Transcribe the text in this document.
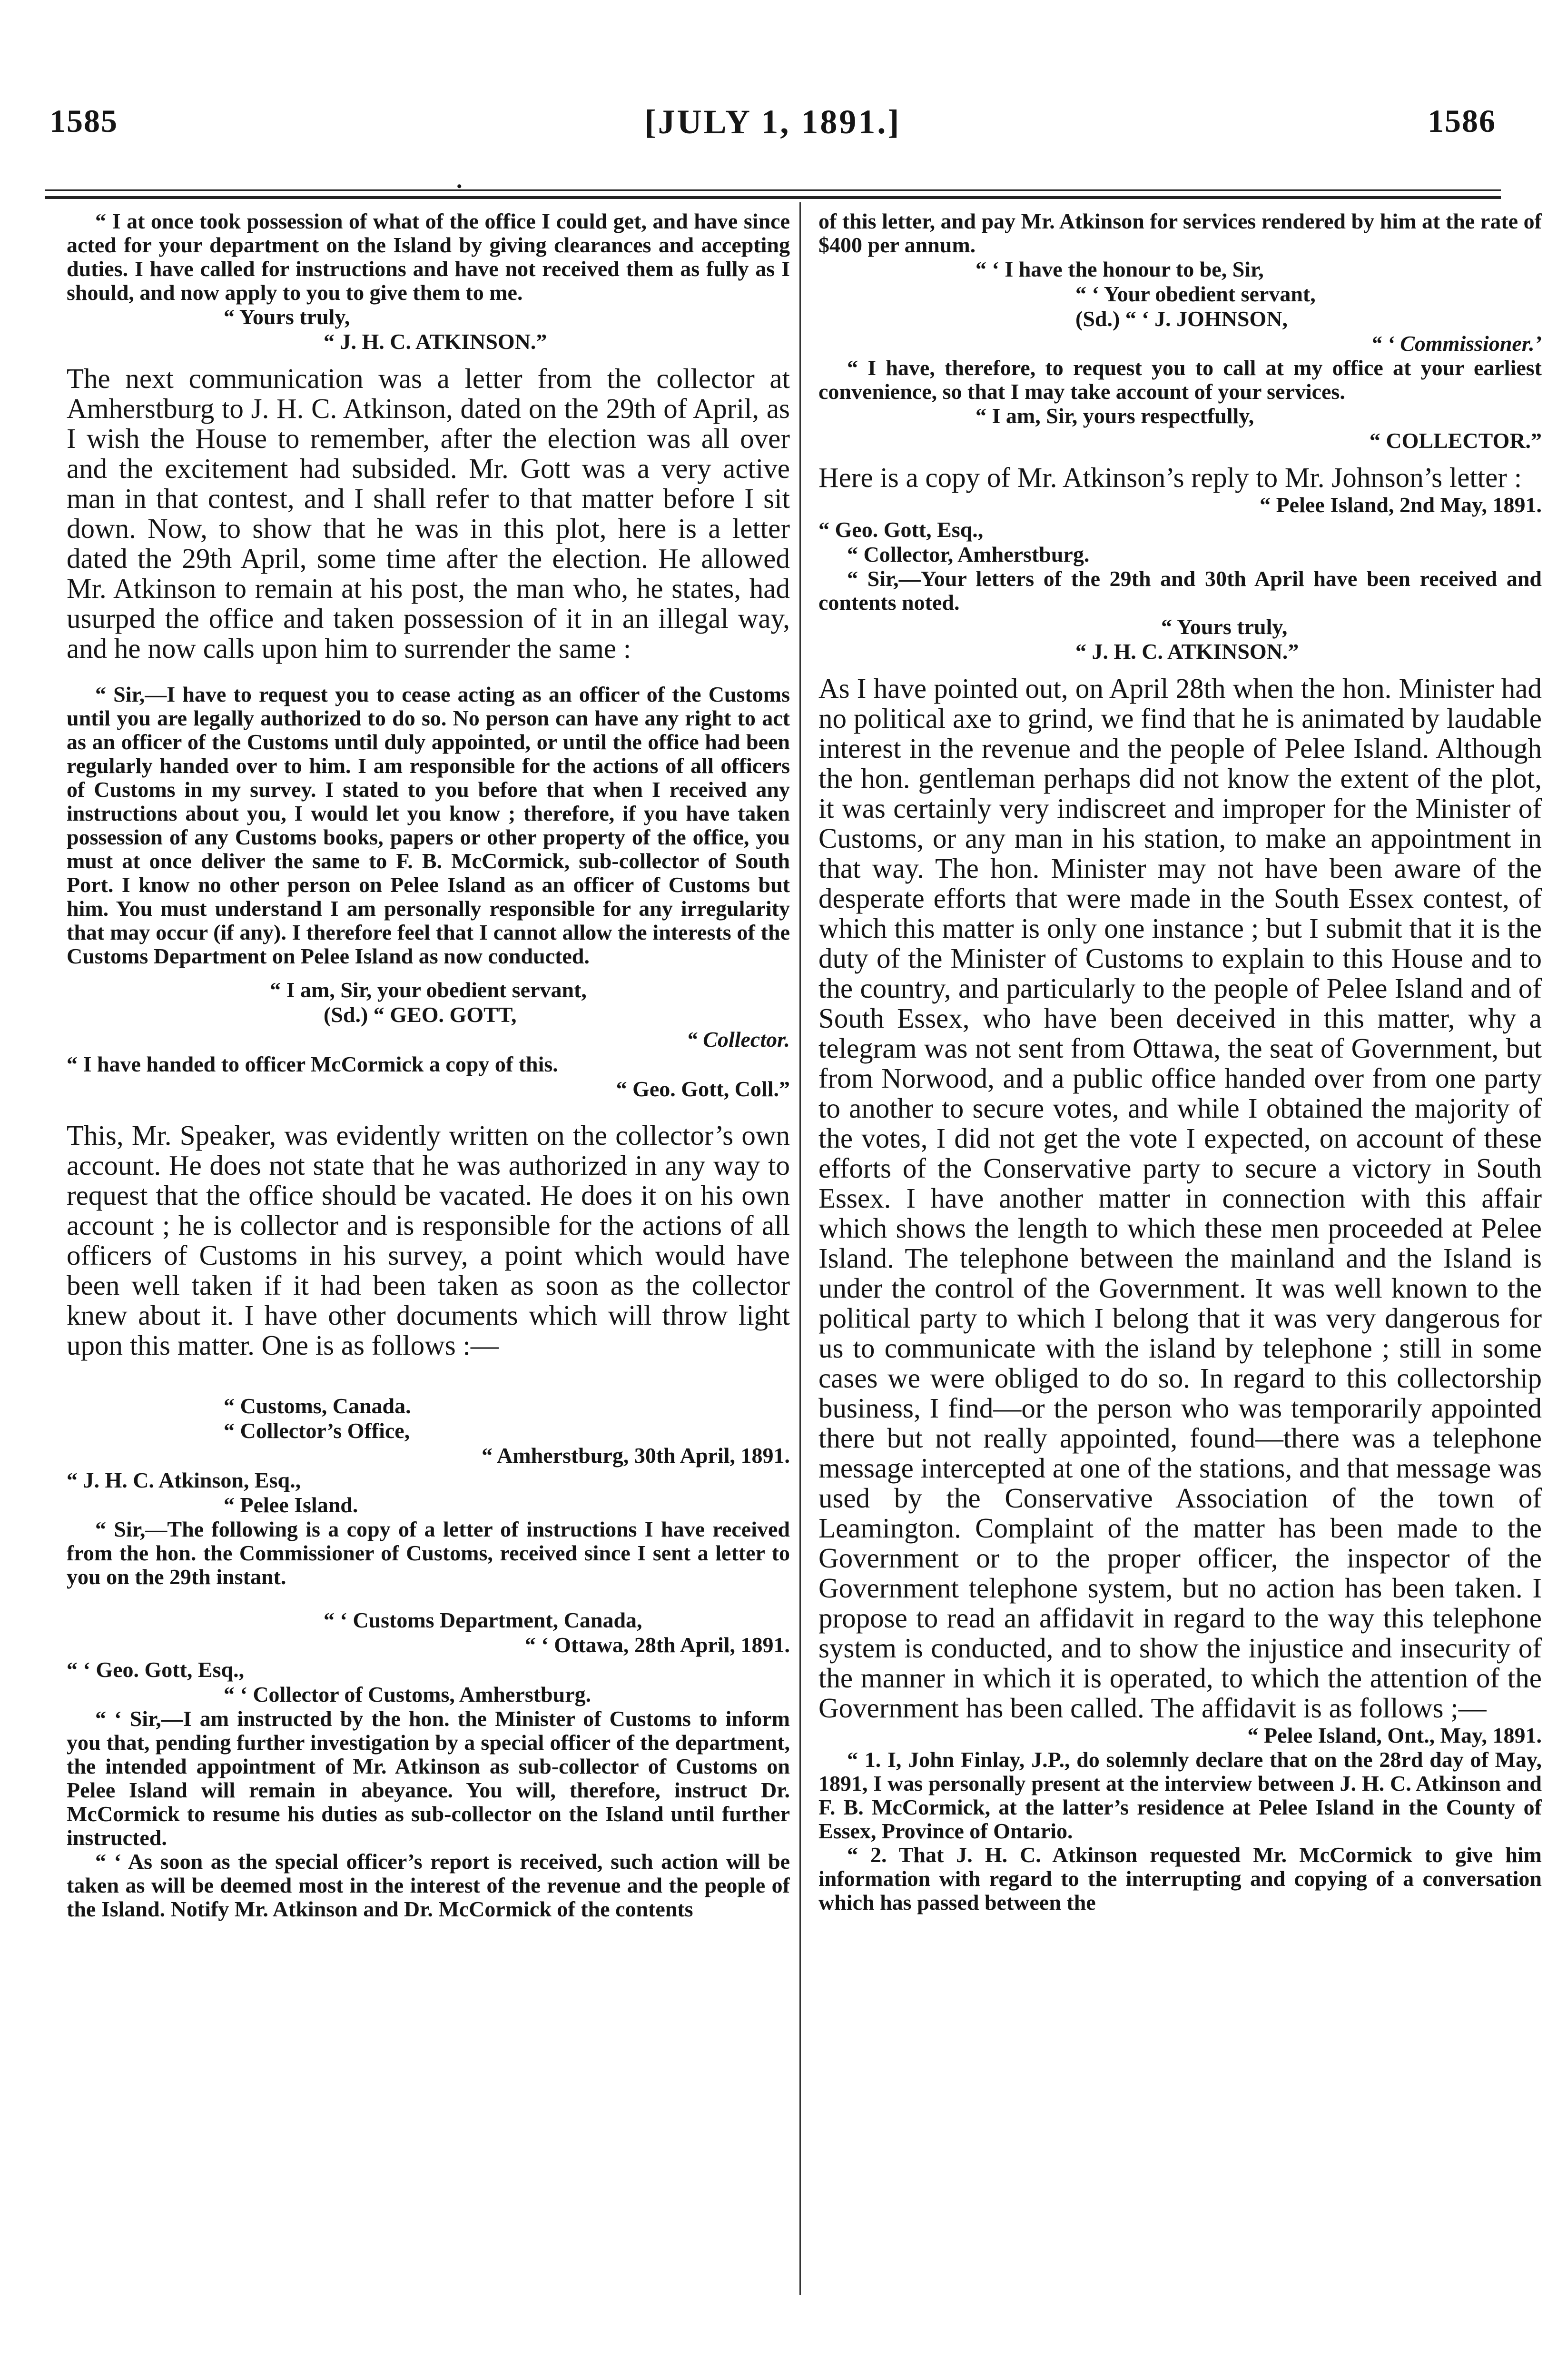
1585	[JULY 1, 1891.]	1586

“ I at once took possession of what of the office I could get, and have since acted for your department on the Island by giving clearances and accepting duties. I have called for instructions and have not received them as fully as I should, and now apply to you to give them to me.

“ Yours truly,

“ J. H. C. ATKINSON.”

The next communication was a letter from the collector at Amherstburg to J. H. C. Atkinson, dated on the 29th of April, as I wish the House to remember, after the election was all over and the excitement had subsided. Mr. Gott was a very active man in that contest, and I shall refer to that matter before I sit down. Now, to show that he was in this plot, here is a letter dated the 29th April, some time after the election. He allowed Mr. Atkinson to remain at his post, the man who, he states, had usurped the office and taken possession of it in an illegal way, and he now calls upon him to surrender the same :

“ Sir,—I have to request you to cease acting as an officer of the Customs until you are legally authorized to do so. No person can have any right to act as an officer of the Customs until duly appointed, or until the office had been regularly handed over to him. I am responsible for the actions of all officers of Customs in my survey. I stated to you before that when I received any instructions about you, I would let you know ; therefore, if you have taken possession of any Customs books, papers or other property of the office, you must at once deliver the same to F. B. McCormick, sub-collector of South Port. I know no other person on Pelee Island as an officer of Customs but him. You must understand I am personally responsible for any irregularity that may occur (if any). I therefore feel that I cannot allow the interests of the Customs Department on Pelee Island as now conducted.

“ I am, Sir, your obedient servant,

(Sd.) “ GEO. GOTT,

“ Collector.

“ I have handed to officer McCormick a copy of this.

“ Geo. Gott, Coll.”

This, Mr. Speaker, was evidently written on the collector’s own account. He does not state that he was authorized in any way to request that the office should be vacated. He does it on his own account ; he is collector and is responsible for the actions of all officers of Customs in his survey, a point which would have been well taken if it had been taken as soon as the collector knew about it. I have other documents which will throw light upon this matter. One is as follows :—

“ Customs, Canada.

“ Collector’s Office,

“ Amherstburg, 30th April, 1891.

“ J. H. C. Atkinson, Esq.,

“ Pelee Island.

“ Sir,—The following is a copy of a letter of instructions I have received from the hon. the Commissioner of Customs, received since I sent a letter to you on the 29th instant.

“ ‘ Customs Department, Canada,

“ ‘ Ottawa, 28th April, 1891.

“ ‘ Geo. Gott, Esq.,

“ ‘ Collector of Customs, Amherstburg.

“ ‘ Sir,—I am instructed by the hon. the Minister of Customs to inform you that, pending further investigation by a special officer of the department, the intended appointment of Mr. Atkinson as sub-collector of Customs on Pelee Island will remain in abeyance. You will, therefore, instruct Dr. McCormick to resume his duties as sub-collector on the Island until further instructed.

“ ‘ As soon as the special officer’s report is received, such action will be taken as will be deemed most in the interest of the revenue and the people of the Island. Notify Mr. Atkinson and Dr. McCormick of the contents

of this letter, and pay Mr. Atkinson for services rendered by him at the rate of $400 per annum.

“ ‘ I have the honour to be, Sir,

“ ‘ Your obedient servant,

(Sd.) “ ‘ J. JOHNSON,

“ ‘ Commissioner.’

“ I have, therefore, to request you to call at my office at your earliest convenience, so that I may take account of your services.

“ I am, Sir, yours respectfully,

“ COLLECTOR.”

Here is a copy of Mr. Atkinson’s reply to Mr. Johnson’s letter :

“ Pelee Island, 2nd May, 1891.

“ Geo. Gott, Esq.,

“ Collector, Amherstburg.

“ Sir,—Your letters of the 29th and 30th April have been received and contents noted.

“ Yours truly,

“ J. H. C. ATKINSON.”

As I have pointed out, on April 28th when the hon. Minister had no political axe to grind, we find that he is animated by laudable interest in the revenue and the people of Pelee Island. Although the hon. gentleman perhaps did not know the extent of the plot, it was certainly very indiscreet and improper for the Minister of Customs, or any man in his station, to make an appointment in that way. The hon. Minister may not have been aware of the desperate efforts that were made in the South Essex contest, of which this matter is only one instance ; but I submit that it is the duty of the Minister of Customs to explain to this House and to the country, and particularly to the people of Pelee Island and of South Essex, who have been deceived in this matter, why a telegram was not sent from Ottawa, the seat of Government, but from Norwood, and a public office handed over from one party to another to secure votes, and while I obtained the majority of the votes, I did not get the vote I expected, on account of these efforts of the Conservative party to secure a victory in South Essex. I have another matter in connection with this affair which shows the length to which these men proceeded at Pelee Island. The telephone between the mainland and the Island is under the control of the Government. It was well known to the political party to which I belong that it was very dangerous for us to communicate with the island by telephone ; still in some cases we were obliged to do so. In regard to this collectorship business, I find—or the person who was temporarily appointed there but not really appointed, found—there was a telephone message intercepted at one of the stations, and that message was used by the Conservative Association of the town of Leamington. Complaint of the matter has been made to the Government or to the proper officer, the inspector of the Government telephone system, but no action has been taken. I propose to read an affidavit in regard to the way this telephone system is conducted, and to show the injustice and insecurity of the manner in which it is operated, to which the attention of the Government has been called. The affidavit is as follows ;—

“ Pelee Island, Ont., May, 1891.

“ 1. I, John Finlay, J.P., do solemnly declare that on the 28rd day of May, 1891, I was personally present at the interview between J. H. C. Atkinson and F. B. McCormick, at the latter’s residence at Pelee Island in the County of Essex, Province of Ontario.

“ 2. That J. H. C. Atkinson requested Mr. McCormick to give him information with regard to the interrupting and copying of a conversation which has passed between the

•
